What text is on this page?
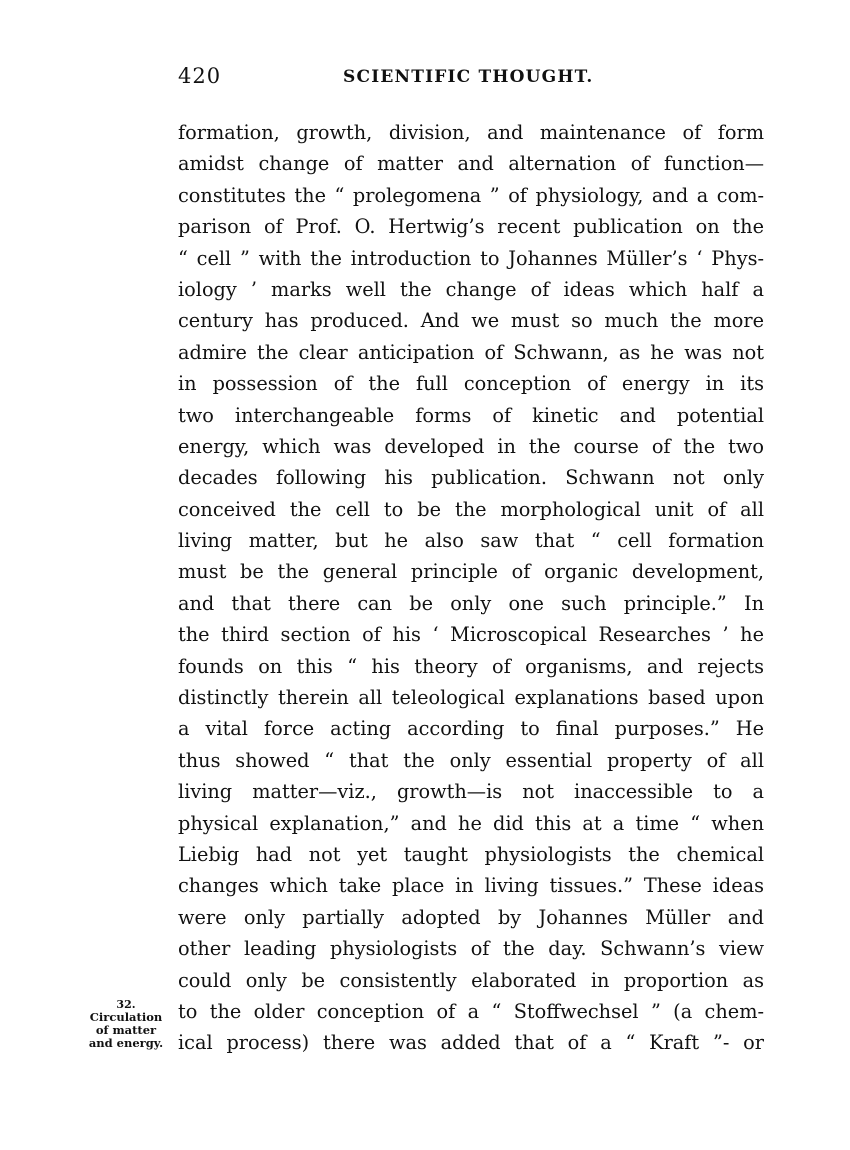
420	SCIENTIFIC THOUGHT.
32.
Circulation
of matter
and energy.
formation, growth, division, and maintenance of form
amidst change of matter and alternation of function—
constitutes the “ prolegomena ” of physiology, and a com-
parison of Prof. O. Hertwig’s recent publication on the
“ cell ” with the introduction to Johannes Müller’s ‘ Phys-
iology ’ marks well the change of ideas which half a
century has produced. And we must so much the more
admire the clear anticipation of Schwann, as he was not
in possession of the full conception of energy in its
two interchangeable forms of kinetic and potential
energy, which was developed in the course of the two
decades following his publication. Schwann not only
conceived the cell to be the morphological unit of all
living matter, but he also saw that “ cell formation
must be the general principle of organic development,
and that there can be only one such principle.” In
the third section of his ‘ Microscopical Researches ’ he
founds on this “ his theory of organisms, and rejects
distinctly therein all teleological explanations based upon
a vital force acting according to final purposes.” He
thus showed “ that the only essential property of all
living matter—viz., growth—is not inaccessible to a
physical explanation,” and he did this at a time “ when
Liebig had not yet taught physiologists the chemical
changes which take place in living tissues.” These ideas
were only partially adopted by Johannes Müller and
other leading physiologists of the day. Schwann’s view
could only be consistently elaborated in proportion as
to the older conception of a “ Stoffwechsel ” (a chem-
ical process) there was added that of a “ Kraft ”- or
